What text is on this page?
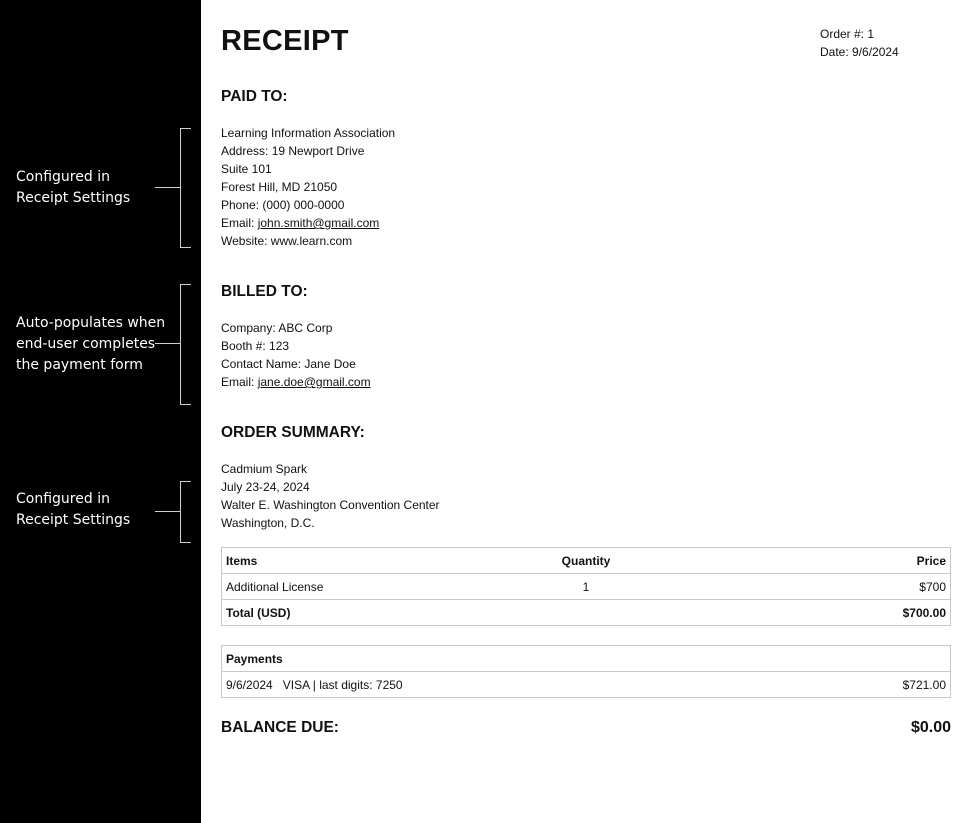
Configured in
Receipt Settings
Auto-populates when
end-user completes
the payment form
Configured in
Receipt Settings
RECEIPT	Order #: 1
Date: 9/6/2024
PAID TO:
Learning Information Association
Address: 19 Newport Drive
Suite 101
Forest Hill, MD 21050
Phone: (000) 000-0000
Email: john.smith@gmail.com
Website: www.learn.com
BILLED TO:
Company: ABC Corp
Booth #: 123
Contact Name: Jane Doe
Email: jane.doe@gmail.com
ORDER SUMMARY:
Cadmium Spark
July 23-24, 2024
Walter E. Washington Convention Center
Washington, D.C.
Items	Quantity	Price
Additional License	1	$700
Total (USD)		$700.00
Payments
9/6/2024 VISA | last digits: 7250	$721.00
BALANCE DUE:	$0.00
